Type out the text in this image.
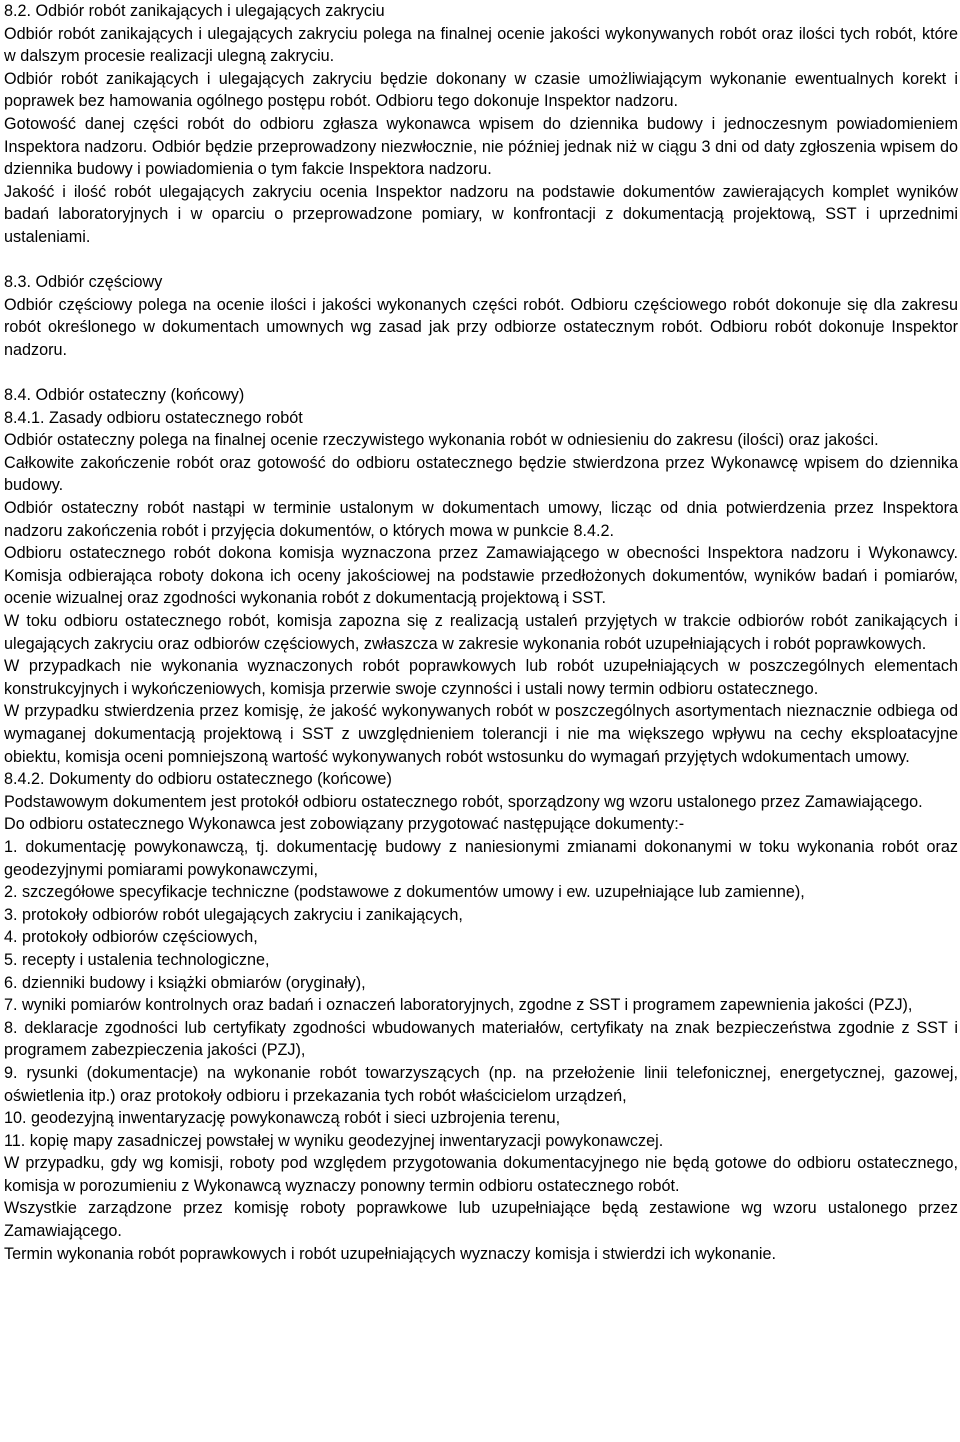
8.2. Odbiór robót zanikających i ulegających zakryciu

Odbiór robót zanikających i ulegających zakryciu polega na finalnej ocenie jakości wykonywanych robót oraz ilości tych robót, które w dalszym procesie realizacji ulegną zakryciu.

Odbiór robót zanikających i ulegających zakryciu będzie dokonany w czasie umożliwiającym wykonanie ewentualnych korekt i poprawek bez hamowania ogólnego postępu robót. Odbioru tego dokonuje Inspektor nadzoru.

Gotowość danej części robót do odbioru zgłasza wykonawca wpisem do dziennika budowy i jednoczesnym powiadomieniem Inspektora nadzoru. Odbiór będzie przeprowadzony niezwłocznie, nie później jednak niż w ciągu 3 dni od daty zgłoszenia wpisem do dziennika budowy i powiadomienia o tym fakcie Inspektora nadzoru.

Jakość i ilość robót ulegających zakryciu ocenia Inspektor nadzoru na podstawie dokumentów zawierających komplet wyników badań laboratoryjnych i w oparciu o przeprowadzone pomiary, w konfrontacji z dokumentacją projektową, SST i uprzednimi ustaleniami.

8.3. Odbiór częściowy

Odbiór częściowy polega na ocenie ilości i jakości wykonanych części robót. Odbioru częściowego robót dokonuje się dla zakresu robót określonego w dokumentach umownych wg zasad jak przy odbiorze ostatecznym robót. Odbioru robót dokonuje Inspektor nadzoru.

8.4. Odbiór ostateczny (końcowy)

8.4.1. Zasady odbioru ostatecznego robót

Odbiór ostateczny polega na finalnej ocenie rzeczywistego wykonania robót w odniesieniu do zakresu (ilości) oraz jakości.

Całkowite zakończenie robót oraz gotowość do odbioru ostatecznego będzie stwierdzona przez Wykonawcę wpisem do dziennika budowy.

Odbiór ostateczny robót nastąpi w terminie ustalonym w dokumentach umowy, licząc od dnia potwierdzenia przez Inspektora nadzoru zakończenia robót i przyjęcia dokumentów, o których mowa w punkcie 8.4.2.

Odbioru ostatecznego robót dokona komisja wyznaczona przez Zamawiającego w obecności Inspektora nadzoru i Wykonawcy. Komisja odbierająca roboty dokona ich oceny jakościowej na podstawie przedłożonych dokumentów, wyników badań i pomiarów, ocenie wizualnej oraz zgodności wykonania robót z dokumentacją projektową i SST.

W toku odbioru ostatecznego robót, komisja zapozna się z realizacją ustaleń przyjętych w trakcie odbiorów robót zanikających i ulegających zakryciu oraz odbiorów częściowych, zwłaszcza w zakresie wykonania robót uzupełniających i robót poprawkowych.

W przypadkach nie wykonania wyznaczonych robót poprawkowych lub robót uzupełniających w poszczególnych elementach konstrukcyjnych i wykończeniowych, komisja przerwie swoje czynności i ustali nowy termin odbioru ostatecznego.

W przypadku stwierdzenia przez komisję, że jakość wykonywanych robót w poszczególnych asortymentach nieznacznie odbiega od wymaganej dokumentacją projektową i SST z uwzględnieniem tolerancji i nie ma większego wpływu na cechy eksploatacyjne obiektu, komisja oceni pomniejszoną wartość wykonywanych robót wstosunku do wymagań przyjętych wdokumentach umowy.

8.4.2. Dokumenty do odbioru ostatecznego (końcowe)

Podstawowym dokumentem jest protokół odbioru ostatecznego robót, sporządzony wg wzoru ustalonego przez Zamawiającego.

Do odbioru ostatecznego Wykonawca jest zobowiązany przygotować następujące dokumenty:-

1. dokumentację powykonawczą, tj. dokumentację budowy z naniesionymi zmianami dokonanymi w toku wykonania robót oraz geodezyjnymi pomiarami powykonawczymi,
2. szczegółowe specyfikacje techniczne (podstawowe z dokumentów umowy i ew. uzupełniające lub zamienne),
3. protokoły odbiorów robót ulegających zakryciu i zanikających,
4. protokoły odbiorów częściowych,
5. recepty i ustalenia technologiczne,
6. dzienniki budowy i książki obmiarów (oryginały),
7. wyniki pomiarów kontrolnych oraz badań i oznaczeń laboratoryjnych, zgodne z SST i programem zapewnienia jakości (PZJ),
8. deklaracje zgodności lub certyfikaty zgodności wbudowanych materiałów, certyfikaty na znak bezpieczeństwa zgodnie z SST i programem zabezpieczenia jakości (PZJ),
9. rysunki (dokumentacje) na wykonanie robót towarzyszących (np. na przełożenie linii telefonicznej, energetycznej, gazowej, oświetlenia itp.) oraz protokoły odbioru i przekazania tych robót właścicielom urządzeń,
10. geodezyjną inwentaryzację powykonawczą robót i sieci uzbrojenia terenu,
11. kopię mapy zasadniczej powstałej w wyniku geodezyjnej inwentaryzacji powykonawczej.

W przypadku, gdy wg komisji, roboty pod względem przygotowania dokumentacyjnego nie będą gotowe do odbioru ostatecznego, komisja w porozumieniu z Wykonawcą wyznaczy ponowny termin odbioru ostatecznego robót.

Wszystkie zarządzone przez komisję roboty poprawkowe lub uzupełniające będą zestawione wg wzoru ustalonego przez Zamawiającego.

Termin wykonania robót poprawkowych i robót uzupełniających wyznaczy komisja i stwierdzi ich wykonanie.
